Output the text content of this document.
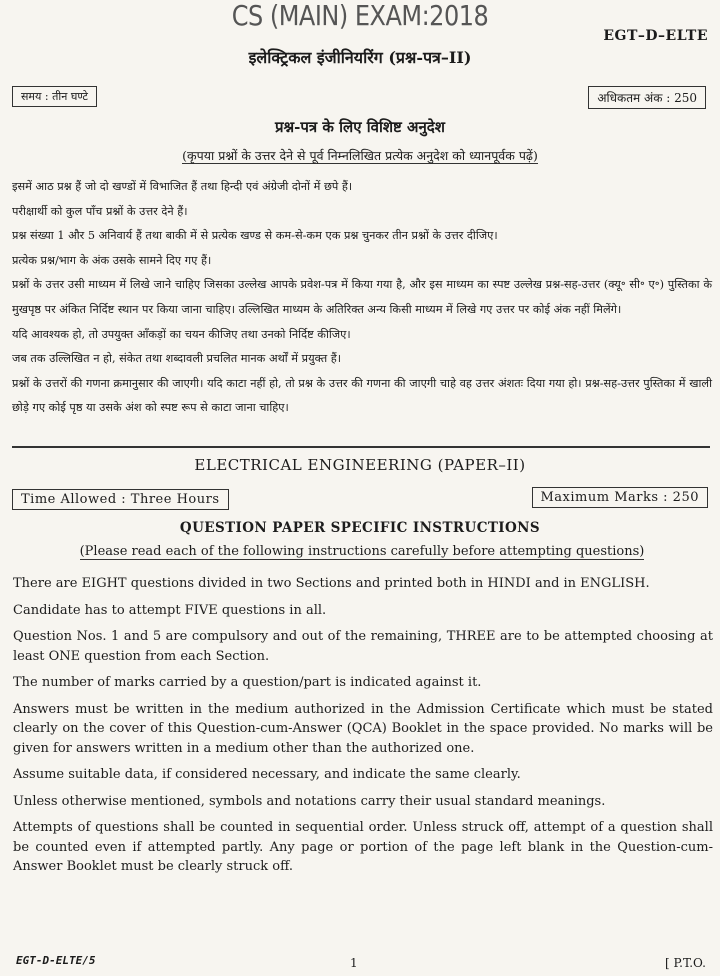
CS (MAIN) EXAM:2018
EGT–D–ELTE
इलेक्ट्रिकल इंजीनियरिंग (प्रश्न-पत्र–II)
समय : तीन घण्टे	अधिकतम अंक : 250
प्रश्न-पत्र के लिए विशिष्ट अनुदेश
(कृपया प्रश्नों के उत्तर देने से पूर्व निम्नलिखित प्रत्येक अनुदेश को ध्यानपूर्वक पढ़ें)

इसमें आठ प्रश्न हैं जो दो खण्डों में विभाजित हैं तथा हिन्दी एवं अंग्रेजी दोनों में छपे हैं।

परीक्षार्थी को कुल पाँच प्रश्नों के उत्तर देने हैं।

प्रश्न संख्या 1 और 5 अनिवार्य हैं तथा बाकी में से प्रत्येक खण्ड से कम-से-कम एक प्रश्न चुनकर तीन प्रश्नों के उत्तर दीजिए।

प्रत्येक प्रश्न/भाग के अंक उसके सामने दिए गए हैं।

प्रश्नों के उत्तर उसी माध्यम में लिखे जाने चाहिए जिसका उल्लेख आपके प्रवेश-पत्र में किया गया है, और इस माध्यम का स्पष्ट उल्लेख प्रश्न-सह-उत्तर (क्यू॰ सी॰ ए॰) पुस्तिका के मुखपृष्ठ पर अंकित निर्दिष्ट स्थान पर किया जाना चाहिए। उल्लिखित माध्यम के अतिरिक्त अन्य किसी माध्यम में लिखे गए उत्तर पर कोई अंक नहीं मिलेंगे।

यदि आवश्यक हो, तो उपयुक्त आँकड़ों का चयन कीजिए तथा उनको निर्दिष्ट कीजिए।

जब तक उल्लिखित न हो, संकेत तथा शब्दावली प्रचलित मानक अर्थों में प्रयुक्त हैं।

प्रश्नों के उत्तरों की गणना क्रमानुसार की जाएगी। यदि काटा नहीं हो, तो प्रश्न के उत्तर की गणना की जाएगी चाहे वह उत्तर अंशतः दिया गया हो। प्रश्न-सह-उत्तर पुस्तिका में खाली छोड़े गए कोई पृष्ठ या उसके अंश को स्पष्ट रूप से काटा जाना चाहिए।

ELECTRICAL ENGINEERING (PAPER–II)
Time Allowed : Three Hours	Maximum Marks : 250
QUESTION PAPER SPECIFIC INSTRUCTIONS
(Please read each of the following instructions carefully before attempting questions)

There are EIGHT questions divided in two Sections and printed both in HINDI and in ENGLISH.

Candidate has to attempt FIVE questions in all.

Question Nos. 1 and 5 are compulsory and out of the remaining, THREE are to be attempted choosing at least ONE question from each Section.

The number of marks carried by a question/part is indicated against it.

Answers must be written in the medium authorized in the Admission Certificate which must be stated clearly on the cover of this Question-cum-Answer (QCA) Booklet in the space provided. No marks will be given for answers written in a medium other than the authorized one.

Assume suitable data, if considered necessary, and indicate the same clearly.

Unless otherwise mentioned, symbols and notations carry their usual standard meanings.

Attempts of questions shall be counted in sequential order. Unless struck off, attempt of a question shall be counted even if attempted partly. Any page or portion of the page left blank in the Question-cum-Answer Booklet must be clearly struck off.

EGT-D-ELTE/5	1	[ P.T.O.
